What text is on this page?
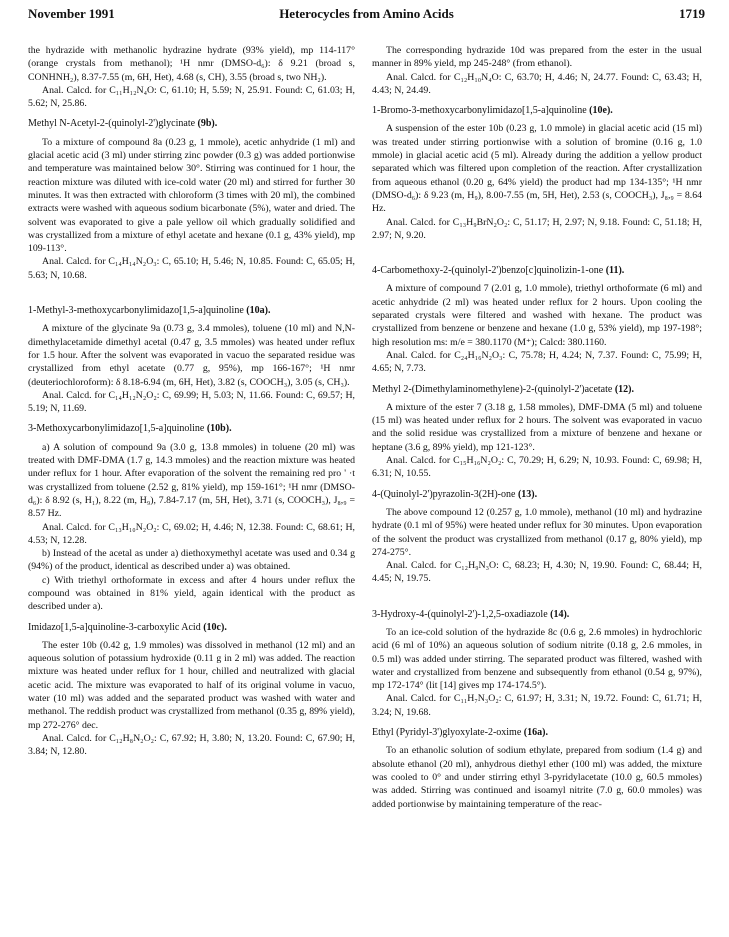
November 1991	Heterocycles from Amino Acids	1719

the hydrazide with methanolic hydrazine hydrate (93% yield), mp 114-117° (orange crystals from methanol); ¹H nmr (DMSO-d₆): δ 9.21 (broad s, CONHNH₂), 8.37-7.55 (m, 6H, Het), 4.68 (s, CH), 3.55 (broad s, two NH₂).

Anal. Calcd. for C₁₁H₁₂N₄O: C, 61.10; H, 5.59; N, 25.91. Found: C, 61.03; H, 5.62; N, 25.86.

Methyl N-Acetyl-2-(quinolyl-2')glycinate (9b).

To a mixture of compound 8a (0.23 g, 1 mmole), acetic anhydride (1 ml) and glacial acetic acid (3 ml) under stirring zinc powder (0.3 g) was added portionwise and temperature was maintained below 30°. Stirring was continued for 1 hour, the reaction mixture was diluted with ice-cold water (20 ml) and stirred for further 30 minutes. It was then extracted with chloroform (3 times with 20 ml), the combined extracts were washed with aqueous sodium bicarbonate (5%), water and dried. The solvent was evaporated to give a pale yellow oil which gradually solidified and was crystallized from a mixture of ethyl acetate and hexane (0.1 g, 43% yield), mp 109-113°.

Anal. Calcd. for C₁₄H₁₄N₂O₃: C, 65.10; H, 5.46; N, 10.85. Found: C, 65.05; H, 5.63; N, 10.68.

1-Methyl-3-methoxycarbonylimidazo[1,5-a]quinoline (10a).

A mixture of the glycinate 9a (0.73 g, 3.4 mmoles), toluene (10 ml) and N,N-dimethylacetamide dimethyl acetal (0.47 g, 3.5 mmoles) was heated under reflux for 1.5 hour. After the solvent was evaporated in vacuo the separated residue was crystallized from ethyl acetate (0.77 g, 95%), mp 166-167°; ¹H nmr (deuteriochloroform): δ 8.18-6.94 (m, 6H, Het), 3.82 (s, COOCH₃), 3.05 (s, CH₃).

Anal. Calcd. for C₁₄H₁₂N₂O₂: C, 69.99; H, 5.03; N, 11.66. Found: C, 69.57; H, 5.19; N, 11.69.

3-Methoxycarbonylimidazo[1,5-a]quinoline (10b).

a) A solution of compound 9a (3.0 g, 13.8 mmoles) in toluene (20 ml) was treated with DMF-DMA (1.7 g, 14.3 mmoles) and the reaction mixture was heated under reflux for 1 hour. After evaporation of the solvent the remaining red pro ' ·t was crystallized from toluene (2.52 g, 81% yield), mp 159-161°; ¹H nmr (DMSO-d₆): δ 8.92 (s, H₁), 8.22 (m, H₉), 7.84-7.17 (m, 5H, Het), 3.71 (s, COOCH₃), J₈,₉ = 8.57 Hz.

Anal. Calcd. for C₁₃H₁₀N₂O₂: C, 69.02; H, 4.46; N, 12.38. Found: C, 68.61; H, 4.53; N, 12.28.

b) Instead of the acetal as under a) diethoxymethyl acetate was used and 0.34 g (94%) of the product, identical as described under a) was obtained.

c) With triethyl orthoformate in excess and after 4 hours under reflux the compound was obtained in 81% yield, again identical with the product as described under a).

Imidazo[1,5-a]quinoline-3-carboxylic Acid (10c).

The ester 10b (0.42 g, 1.9 mmoles) was dissolved in methanol (12 ml) and an aqueous solution of potassium hydroxide (0.11 g in 2 ml) was added. The reaction mixture was heated under reflux for 1 hour, chilled and neutralized with glacial acetic acid. The mixture was evaporated to half of its original volume in vacuo, water (10 ml) was added and the separated product was washed with water and methanol. The reddish product was crystallized from methanol (0.35 g, 89% yield), mp 272-276° dec.

Anal. Calcd. for C₁₂H₈N₂O₂: C, 67.92; H, 3.80; N, 13.20. Found: C, 67.90; H, 3.84; N, 12.80.

The corresponding hydrazide 10d was prepared from the ester in the usual manner in 89% yield, mp 245-248° (from ethanol).

Anal. Calcd. for C₁₂H₁₀N₄O: C, 63.70; H, 4.46; N, 24.77. Found: C, 63.43; H, 4.43; N, 24.49.

1-Bromo-3-methoxycarbonylimidazo[1,5-a]quinoline (10e).

A suspension of the ester 10b (0.23 g, 1.0 mmole) in glacial acetic acid (15 ml) was treated under stirring portionwise with a solution of bromine (0.16 g, 1.0 mmole) in glacial acetic acid (5 ml). Already during the addition a yellow product separated which was filtered upon completion of the reaction. After crystallization from aqueous ethanol (0.20 g, 64% yield) the product had mp 134-135°; ¹H nmr (DMSO-d₆): δ 9.23 (m, H₉), 8.00-7.55 (m, 5H, Het), 2.53 (s, COOCH₃), J₈,₉ = 8.64 Hz.

Anal. Calcd. for C₁₃H₉BrN₂O₂: C, 51.17; H, 2.97; N, 9.18. Found: C, 51.18; H, 2.97; N, 9.20.

4-Carbomethoxy-2-(quinolyl-2')benzo[c]quinolizin-1-one (11).

A mixture of compound 7 (2.01 g, 1.0 mmole), triethyl orthoformate (6 ml) and acetic anhydride (2 ml) was heated under reflux for 2 hours. Upon cooling the separated crystals were filtered and washed with hexane. The product was crystallized from benzene or benzene and hexane (1.0 g, 53% yield), mp 197-198°; high resolution ms: m/e = 380.1170 (M⁺); Calcd: 380.1160.

Anal. Calcd. for C₂₄H₁₆N₂O₃: C, 75.78; H, 4.24; N, 7.37. Found: C, 75.99; H, 4.65; N, 7.73.

Methyl 2-(Dimethylaminomethylene)-2-(quinolyl-2')acetate (12).

A mixture of the ester 7 (3.18 g, 1.58 mmoles), DMF-DMA (5 ml) and toluene (15 ml) was heated under reflux for 2 hours. The solvent was evaporated in vacuo and the solid residue was crystallized from a mixture of benzene and hexane or heptane (3.6 g, 89% yield), mp 121-123°.

Anal. Calcd. for C₁₅H₁₆N₂O₂: C, 70.29; H, 6.29; N, 10.93. Found: C, 69.98; H, 6.31; N, 10.55.

4-(Quinolyl-2')pyrazolin-3(2H)-one (13).

The above compound 12 (0.257 g, 1.0 mmole), methanol (10 ml) and hydrazine hydrate (0.1 ml of 95%) were heated under reflux for 30 minutes. Upon evaporation of the solvent the product was crystallized from methanol (0.17 g, 80% yield), mp 274-275°.

Anal. Calcd. for C₁₂H₉N₃O: C, 68.23; H, 4.30; N, 19.90. Found: C, 68.44; H, 4.45; N, 19.75.

3-Hydroxy-4-(quinolyl-2')-1,2,5-oxadiazole (14).

To an ice-cold solution of the hydrazide 8c (0.6 g, 2.6 mmoles) in hydrochloric acid (6 ml of 10%) an aqueous solution of sodium nitrite (0.18 g, 2.6 mmoles, in 0.5 ml) was added under stirring. The separated product was filtered, washed with water and crystallized from benzene and subsequently from ethanol (0.54 g, 97%), mp 172-174° (lit [14] gives mp 174-174.5°).

Anal. Calcd. for C₁₁H₇N₃O₂: C, 61.97; H, 3.31; N, 19.72. Found: C, 61.71; H, 3.24; N, 19.68.

Ethyl (Pyridyl-3')glyoxylate-2-oxime (16a).

To an ethanolic solution of sodium ethylate, prepared from sodium (1.4 g) and absolute ethanol (20 ml), anhydrous diethyl ether (100 ml) was added, the mixture was cooled to 0° and under stirring ethyl 3-pyridylacetate (10.0 g, 60.5 mmoles) was added. Stirring was continued and isoamyl nitrite (7.0 g, 60.0 mmoles) was added portionwise by maintaining temperature of the reac-
